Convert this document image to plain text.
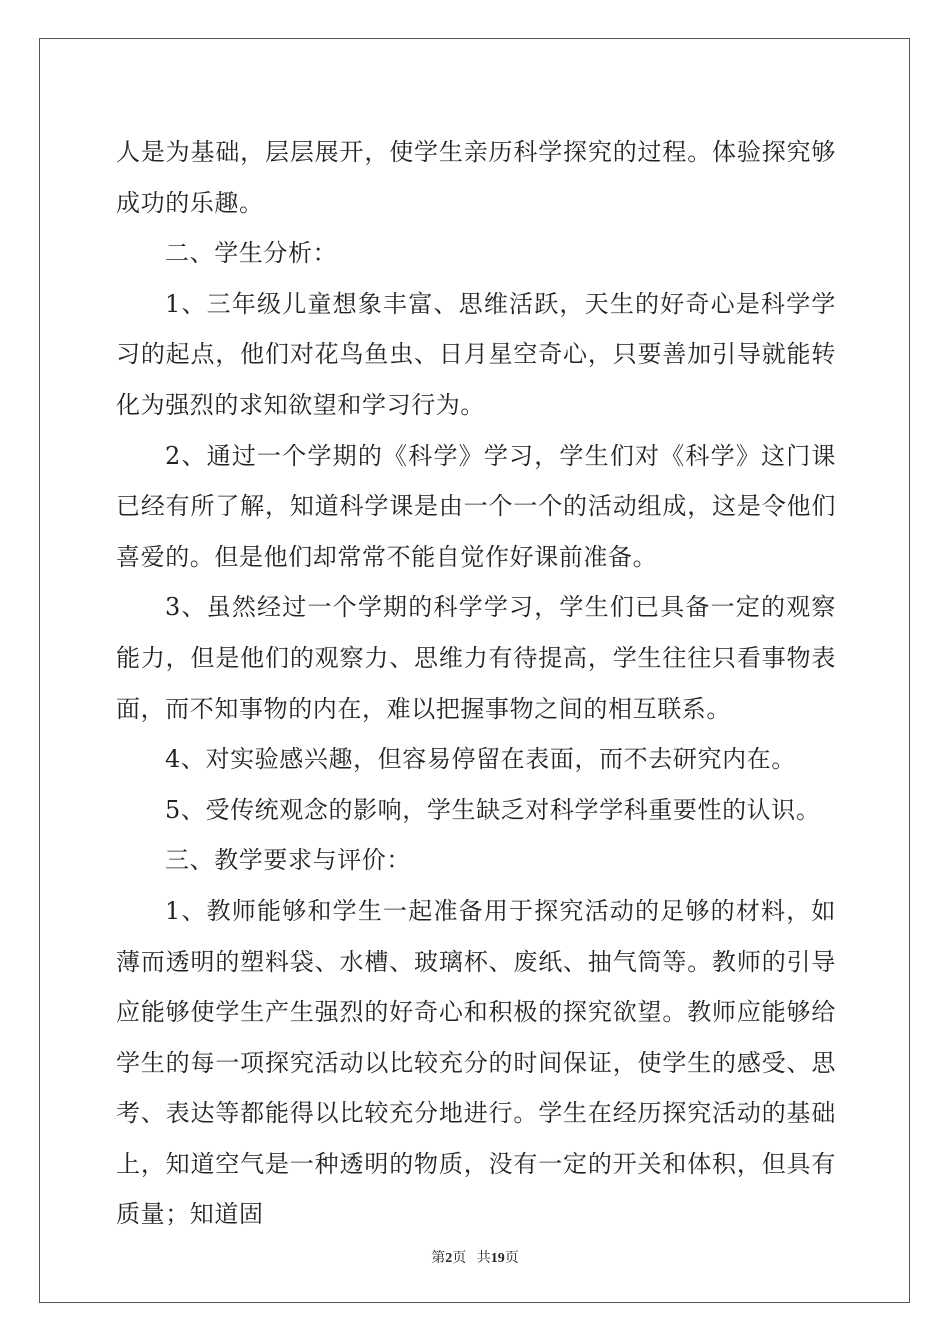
人是为基础，层层展开，使学生亲历科学探究的过程。体验探究够成功的乐趣。

二、学生分析：

1、三年级儿童想象丰富、思维活跃，天生的好奇心是科学学习的起点，他们对花鸟鱼虫、日月星空奇心，只要善加引导就能转化为强烈的求知欲望和学习行为。

2、通过一个学期的《科学》学习，学生们对《科学》这门课已经有所了解，知道科学课是由一个一个的活动组成，这是令他们喜爱的。但是他们却常常不能自觉作好课前准备。

3、虽然经过一个学期的科学学习，学生们已具备一定的观察能力，但是他们的观察力、思维力有待提高，学生往往只看事物表面，而不知事物的内在，难以把握事物之间的相互联系。

4、对实验感兴趣，但容易停留在表面，而不去研究内在。

5、受传统观念的影响，学生缺乏对科学学科重要性的认识。

三、教学要求与评价：

1、教师能够和学生一起准备用于探究活动的足够的材料，如薄而透明的塑料袋、水槽、玻璃杯、废纸、抽气筒等。教师的引导应能够使学生产生强烈的好奇心和积极的探究欲望。教师应能够给学生的每一项探究活动以比较充分的时间保证，使学生的感受、思考、表达等都能得以比较充分地进行。学生在经历探究活动的基础上，知道空气是一种透明的物质，没有一定的开关和体积，但具有质量；知道固

第2页 共19页
